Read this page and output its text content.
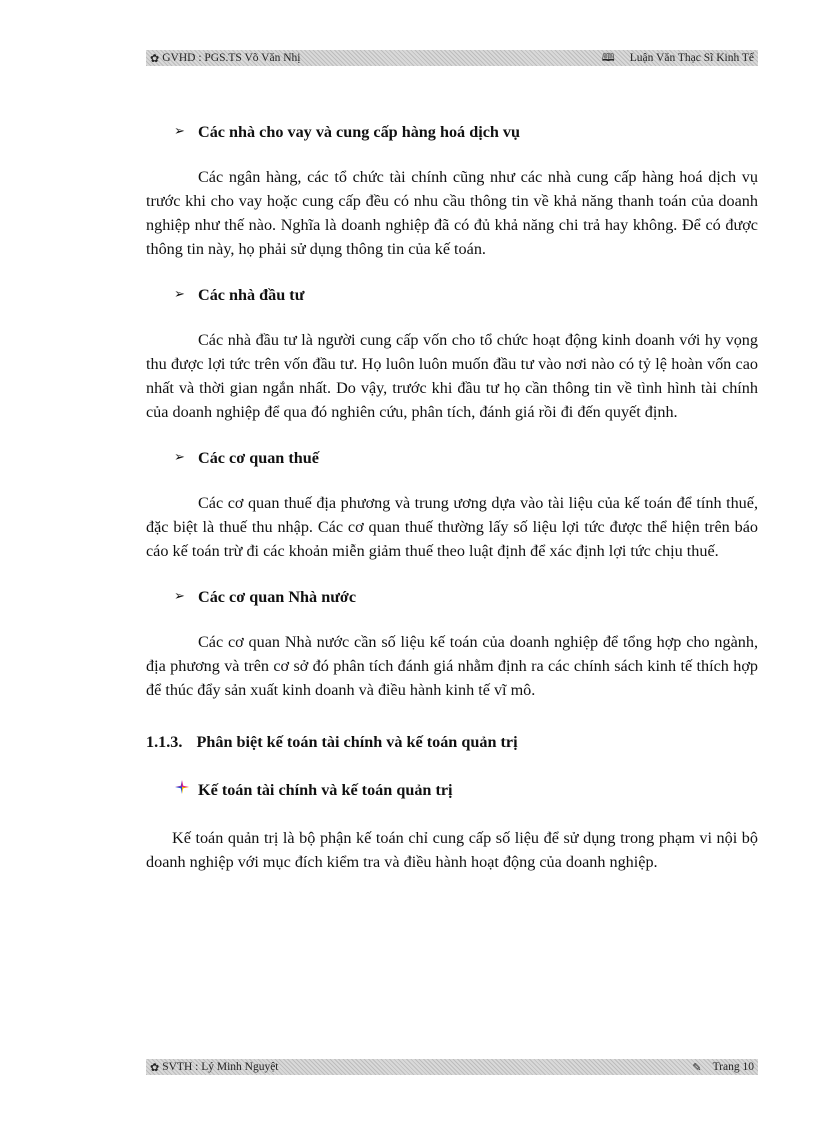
✿ GVHD : PGS.TS Võ Văn Nhị	🕮 Luận Văn Thạc Sĩ Kinh Tế
➢ Các nhà cho vay và cung cấp hàng hoá dịch vụ

Các ngân hàng, các tổ chức tài chính cũng như các nhà cung cấp hàng hoá dịch vụ trước khi cho vay hoặc cung cấp đều có nhu cầu thông tin về khả năng thanh toán của doanh nghiệp như thế nào. Nghĩa là doanh nghiệp đã có đủ khả năng chi trả hay không. Để có được thông tin này, họ phải sử dụng thông tin của kế toán.

➢ Các nhà đầu tư

Các nhà đầu tư là người cung cấp vốn cho tổ chức hoạt động kinh doanh với hy vọng thu được lợi tức trên vốn đầu tư. Họ luôn luôn muốn đầu tư vào nơi nào có tỷ lệ hoàn vốn cao nhất và thời gian ngắn nhất. Do vậy, trước khi đầu tư họ cần thông tin về tình hình tài chính của doanh nghiệp để qua đó nghiên cứu, phân tích, đánh giá rồi đi đến quyết định.

➢ Các cơ quan thuế

Các cơ quan thuế địa phương và trung ương dựa vào tài liệu của kế toán để tính thuế, đặc biệt là thuế thu nhập. Các cơ quan thuế thường lấy số liệu lợi tức được thể hiện trên báo cáo kế toán trừ đi các khoản miễn giảm thuế theo luật định để xác định lợi tức chịu thuế.

➢ Các cơ quan Nhà nước

Các cơ quan Nhà nước cần số liệu kế toán của doanh nghiệp để tổng hợp cho ngành, địa phương và trên cơ sở đó phân tích đánh giá nhằm định ra các chính sách kinh tế thích hợp để thúc đẩy sản xuất kinh doanh và điều hành kinh tế vĩ mô.

1.1.3. Phân biệt kế toán tài chính và kế toán quản trị
Kế toán tài chính và kế toán quản trị

Kế toán quản trị là bộ phận kế toán chỉ cung cấp số liệu để sử dụng trong phạm vi nội bộ doanh nghiệp với mục đích kiểm tra và điều hành hoạt động của doanh nghiệp.

✿ SVTH : Lý Minh Nguyệt	✎ Trang 10
